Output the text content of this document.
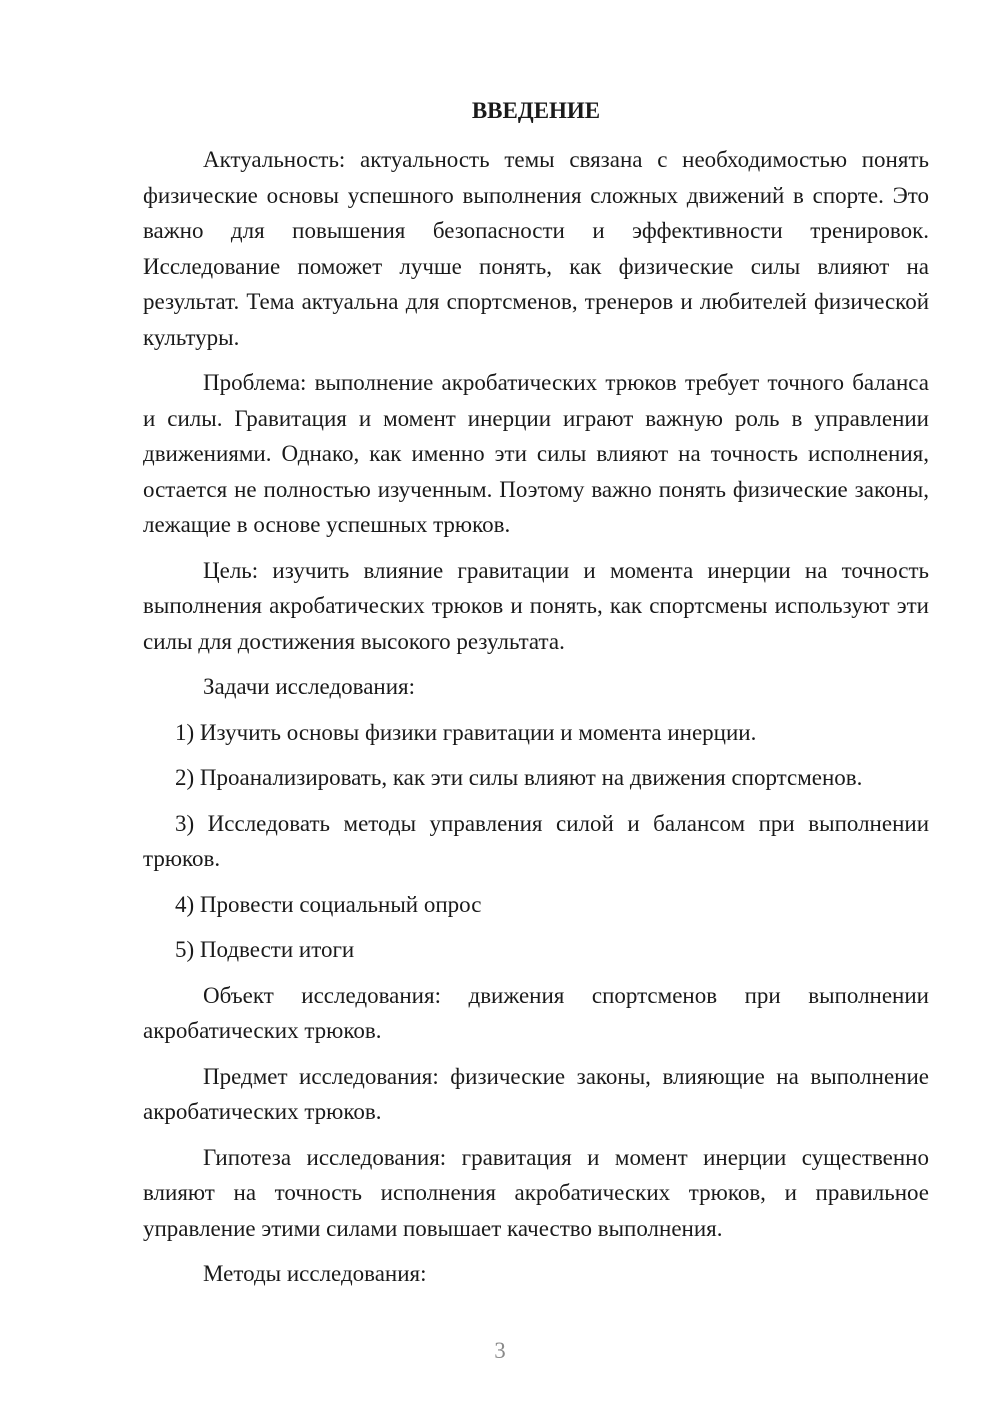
ВВЕДЕНИЕ

Актуальность: актуальность темы связана с необходимостью понять физические основы успешного выполнения сложных движений в спорте. Это важно для повышения безопасности и эффективности тренировок. Исследование поможет лучше понять, как физические силы влияют на результат. Тема актуальна для спортсменов, тренеров и любителей физической культуры.

Проблема: выполнение акробатических трюков требует точного баланса и силы. Гравитация и момент инерции играют важную роль в управлении движениями. Однако, как именно эти силы влияют на точность исполнения, остается не полностью изученным. Поэтому важно понять физические законы, лежащие в основе успешных трюков.

Цель: изучить влияние гравитации и момента инерции на точность выполнения акробатических трюков и понять, как спортсмены используют эти силы для достижения высокого результата.

Задачи исследования:

1) Изучить основы физики гравитации и момента инерции.

2) Проанализировать, как эти силы влияют на движения спортсменов.

3) Исследовать методы управления силой и балансом при выполнении трюков.

4) Провести социальный опрос

5) Подвести итоги

Объект исследования: движения спортсменов при выполнении акробатических трюков.

Предмет исследования: физические законы, влияющие на выполнение акробатических трюков.

Гипотеза исследования: гравитация и момент инерции существенно влияют на точность исполнения акробатических трюков, и правильное управление этими силами повышает качество выполнения.

Методы исследования:

3
